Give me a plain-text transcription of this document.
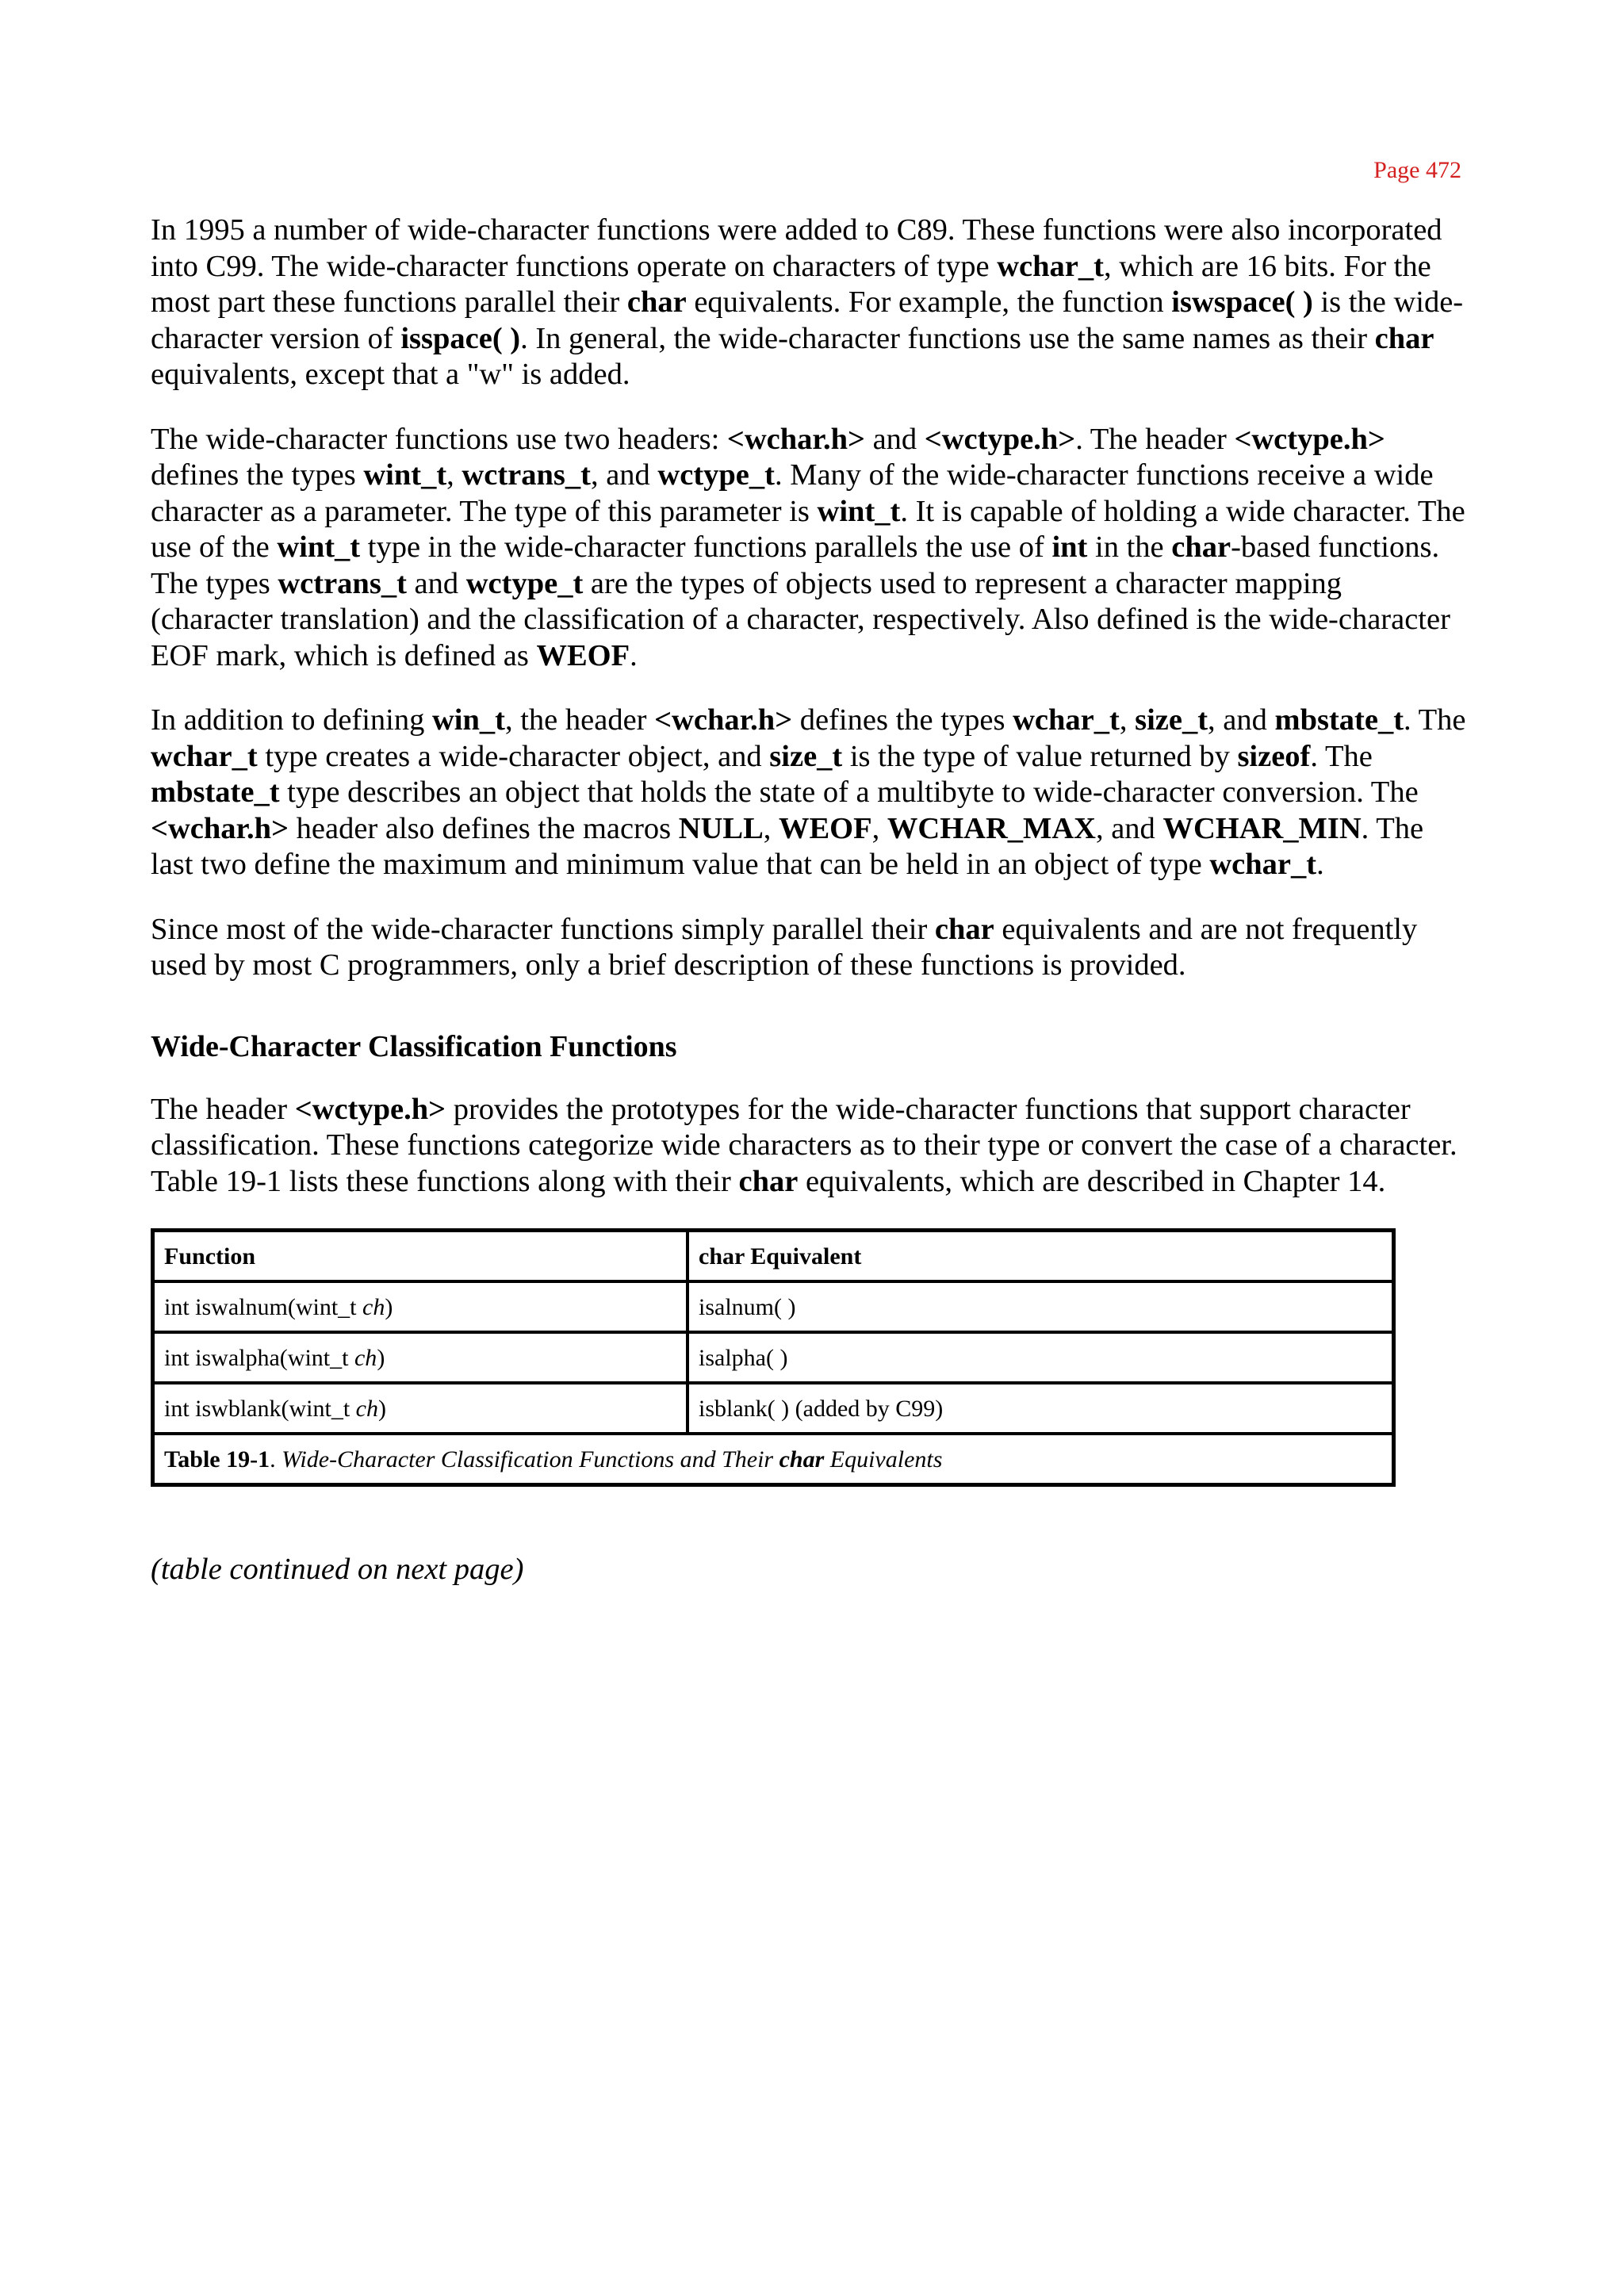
Page 472

In 1995 a number of wide-character functions were added to C89. These functions were also incorporated into C99. The wide-character functions operate on characters of type wchar_t, which are 16 bits. For the most part these functions parallel their char equivalents. For example, the function iswspace( ) is the wide-character version of isspace( ). In general, the wide-character functions use the same names as their char equivalents, except that a "w" is added.

The wide-character functions use two headers: <wchar.h> and <wctype.h>. The header <wctype.h> defines the types wint_t, wctrans_t, and wctype_t. Many of the wide-character functions receive a wide character as a parameter. The type of this parameter is wint_t. It is capable of holding a wide character. The use of the wint_t type in the wide-character functions parallels the use of int in the char-based functions. The types wctrans_t and wctype_t are the types of objects used to represent a character mapping (character translation) and the classification of a character, respectively. Also defined is the wide-character EOF mark, which is defined as WEOF.

In addition to defining win_t, the header <wchar.h> defines the types wchar_t, size_t, and mbstate_t. The wchar_t type creates a wide-character object, and size_t is the type of value returned by sizeof. The mbstate_t type describes an object that holds the state of a multibyte to wide-character conversion. The <wchar.h> header also defines the macros NULL, WEOF, WCHAR_MAX, and WCHAR_MIN. The last two define the maximum and minimum value that can be held in an object of type wchar_t.

Since most of the wide-character functions simply parallel their char equivalents and are not frequently used by most C programmers, only a brief description of these functions is provided.

Wide-Character Classification Functions

The header <wctype.h> provides the prototypes for the wide-character functions that support character classification. These functions categorize wide characters as to their type or convert the case of a character. Table 19-1 lists these functions along with their char equivalents, which are described in Chapter 14.

Function	char Equivalent
int iswalnum(wint_t ch)	isalnum( )
int iswalpha(wint_t ch)	isalpha( )
int iswblank(wint_t ch)	isblank( ) (added by C99)
Table 19-1. Wide-Character Classification Functions and Their char Equivalents	
(table continued on next page)
